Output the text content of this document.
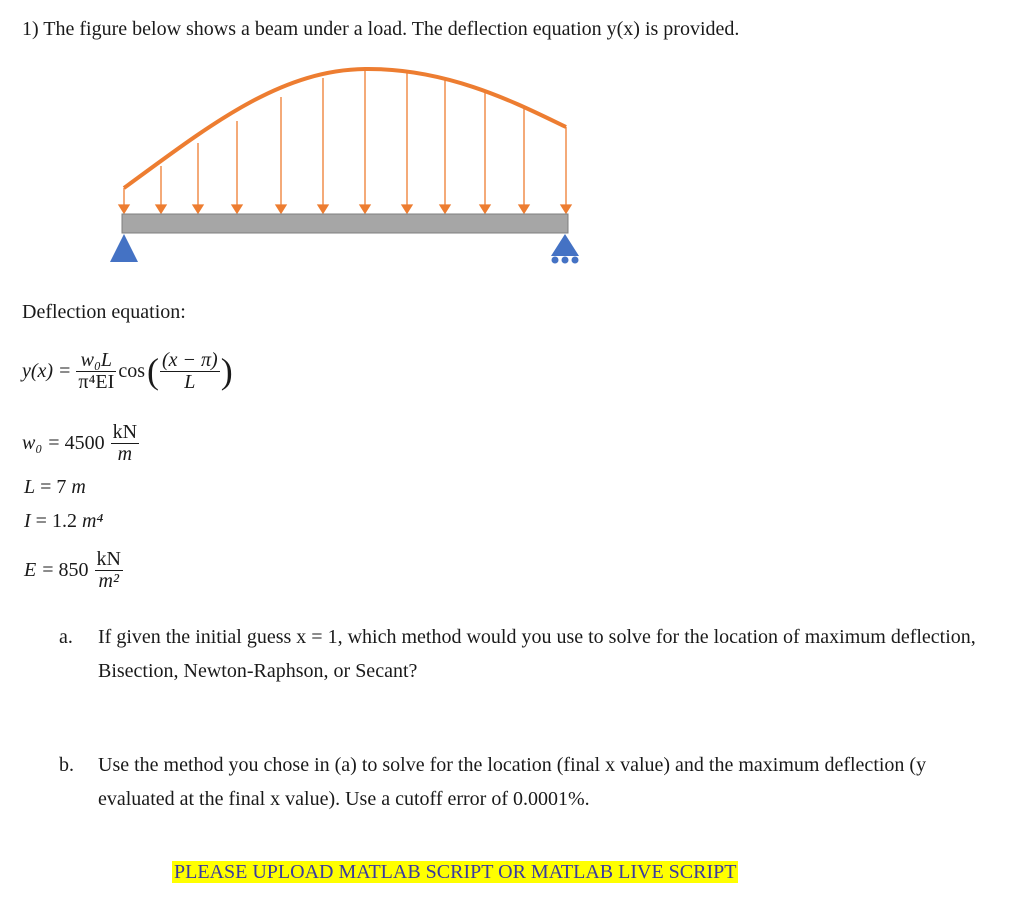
1) The figure below shows a beam under a load. The deflection equation y(x) is provided.
Deflection equation:
$y(x) = \frac{\text{w₀L}}{\text{π⁴EI}}$ cos ( $\frac{(x - \pi)}{L}$ )
$w_0 = 4500 \frac{kN}{m}$
L = 7 m
I = 1.2 m⁴
$E = 850 \frac{kN}{\text{m²}}$
a. If given the initial guess x = 1, which method would you use to solve for the location of maximum deflection, Bisection, Newton-Raphson, or Secant?
b. Use the method you chose in (a) to solve for the location (final x value) and the maximum deflection (y evaluated at the final x value). Use a cutoff error of 0.0001%.
PLEASE UPLOAD MATLAB SCRIPT OR MATLAB LIVE SCRIPT
